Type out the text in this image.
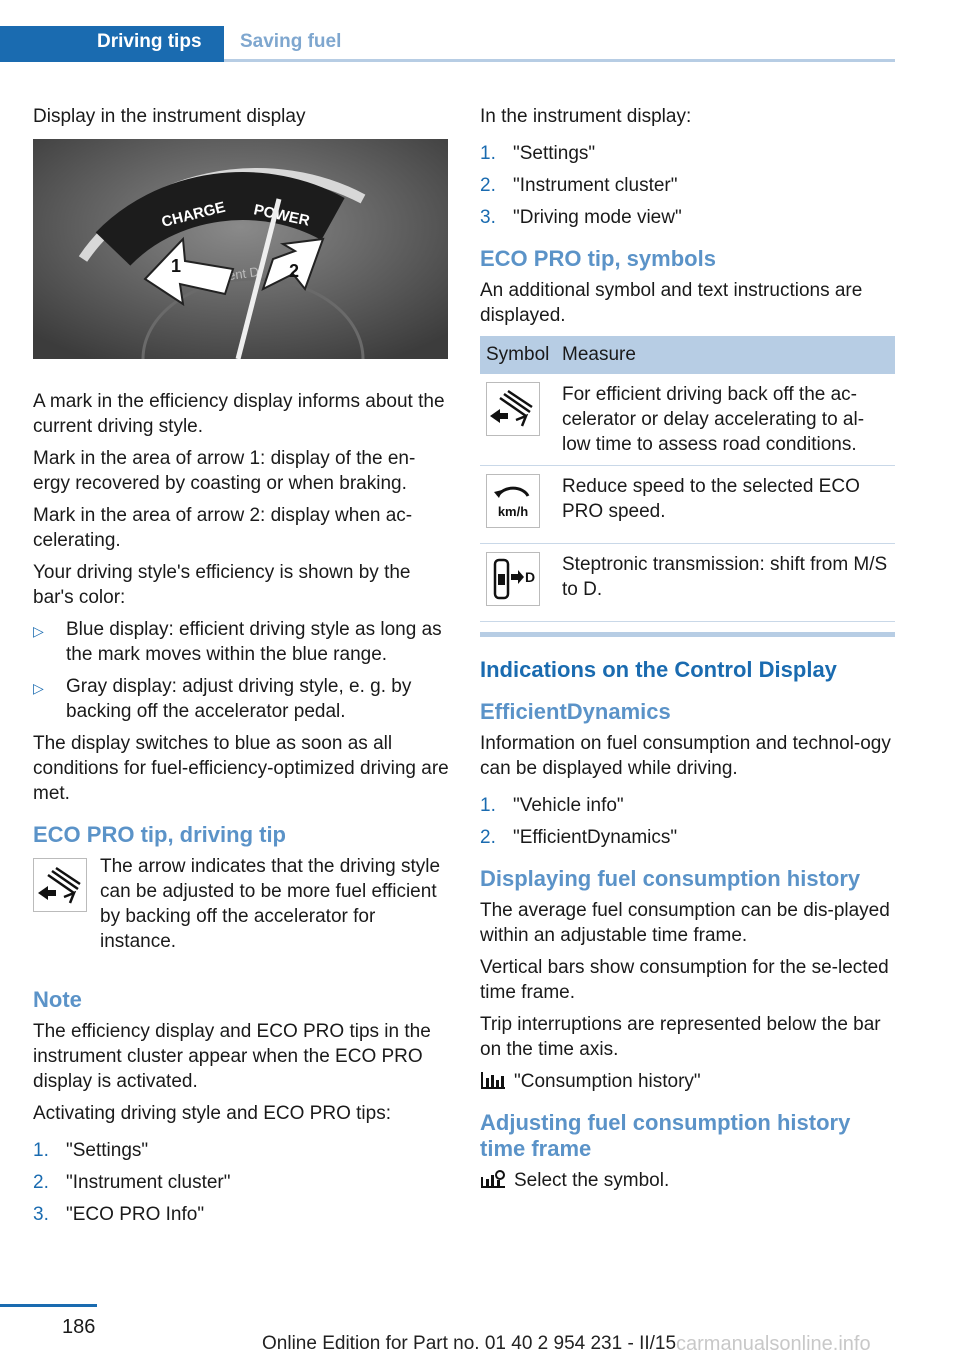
Driving tips Saving fuel

Display in the instrument display

CHARGE POWER
D
1	2

A mark in the efficiency display informs about the current driving style.

Mark in the area of arrow 1: display of the en‐ergy recovered by coasting or when braking.

Mark in the area of arrow 2: display when ac‐celerating.

Your driving style's efficiency is shown by the bar's color:

▷	Blue display: efficient driving style as long as the mark moves within the blue range.
▷	Gray display: adjust driving style, e. g. by backing off the accelerator pedal.

The display switches to blue as soon as all conditions for fuel-efficiency-optimized driving are met.

ECO PRO tip, driving tip

The arrow indicates that the driving style can be adjusted to be more fuel efficient by backing off the accelerator for instance.

Note

The efficiency display and ECO PRO tips in the instrument cluster appear when the ECO PRO display is activated.

Activating driving style and ECO PRO tips:

1. "Settings"
2. "Instrument cluster"
3. "ECO PRO Info"

In the instrument display:

1. "Settings"
2. "Instrument cluster"
3. "Driving mode view"
ECO PRO tip, symbols

An additional symbol and text instructions are displayed.

Symbol	Measure
	For efficient driving back off the ac‐celerator or delay accelerating to al‐low time to assess road conditions.

km/h	Reduce speed to the selected ECO PRO speed.

D	Steptronic transmission: shift from M/S to D.
Indications on the Control Display
EfficientDynamics

Information on fuel consumption and technol‐ogy can be displayed while driving.

1. "Vehicle info"
2. "EfficientDynamics"
Displaying fuel consumption history

The average fuel consumption can be dis‐played within an adjustable time frame.

Vertical bars show consumption for the se‐lected time frame.

Trip interruptions are represented below the bar on the time axis.

"Consumption history"

Adjusting fuel consumption history time frame

Select the symbol.

186
Online Edition for Part no. 01 40 2 954 231 - II/15 carmanualsonline.info
